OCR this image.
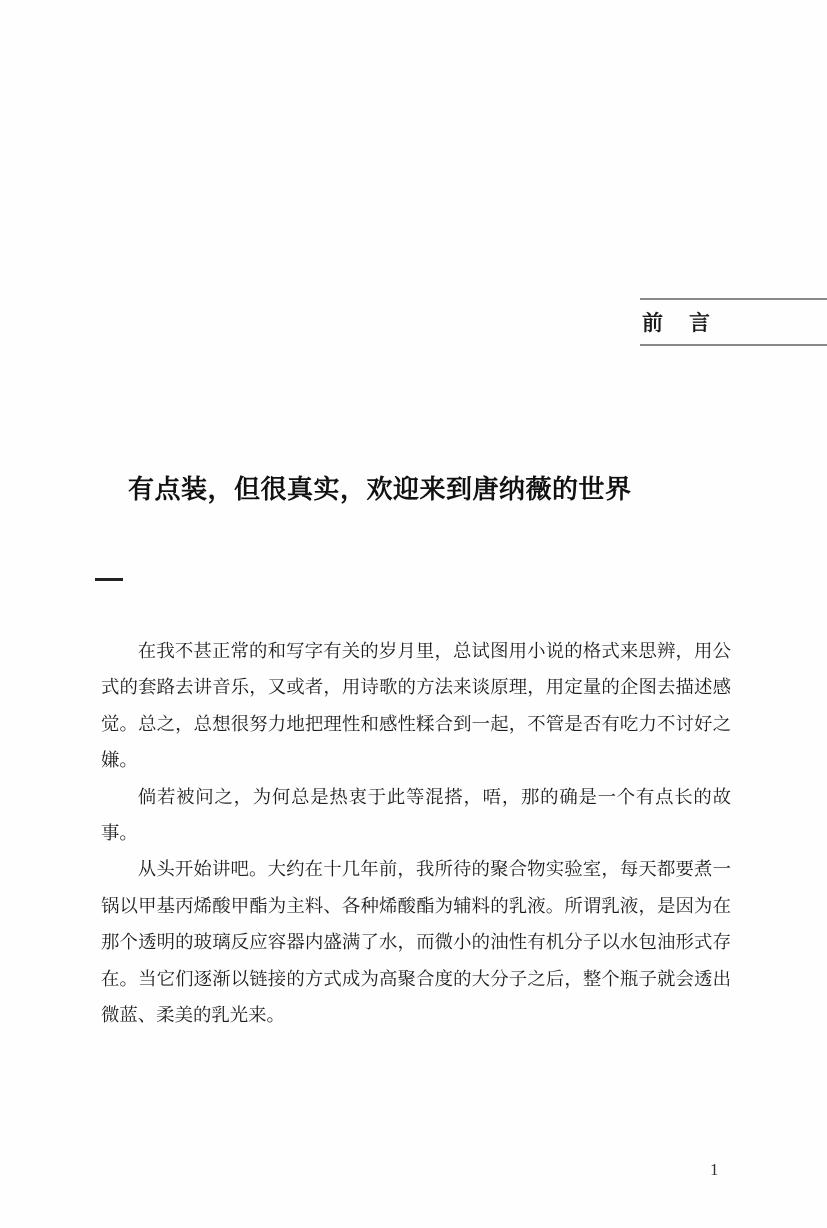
前言
有点装，但很真实，欢迎来到唐纳薇的世界

在我不甚正常的和写字有关的岁月里，总试图用小说的格式来思辨，用公式的套路去讲音乐，又或者，用诗歌的方法来谈原理，用定量的企图去描述感觉。总之，总想很努力地把理性和感性糅合到一起，不管是否有吃力不讨好之嫌。

倘若被问之，为何总是热衷于此等混搭，唔，那的确是一个有点长的故事。

从头开始讲吧。大约在十几年前，我所待的聚合物实验室，每天都要煮一锅以甲基丙烯酸甲酯为主料、各种烯酸酯为辅料的乳液。所谓乳液，是因为在那个透明的玻璃反应容器内盛满了水，而微小的油性有机分子以水包油形式存在。当它们逐渐以链接的方式成为高聚合度的大分子之后，整个瓶子就会透出微蓝、柔美的乳光来。

1
